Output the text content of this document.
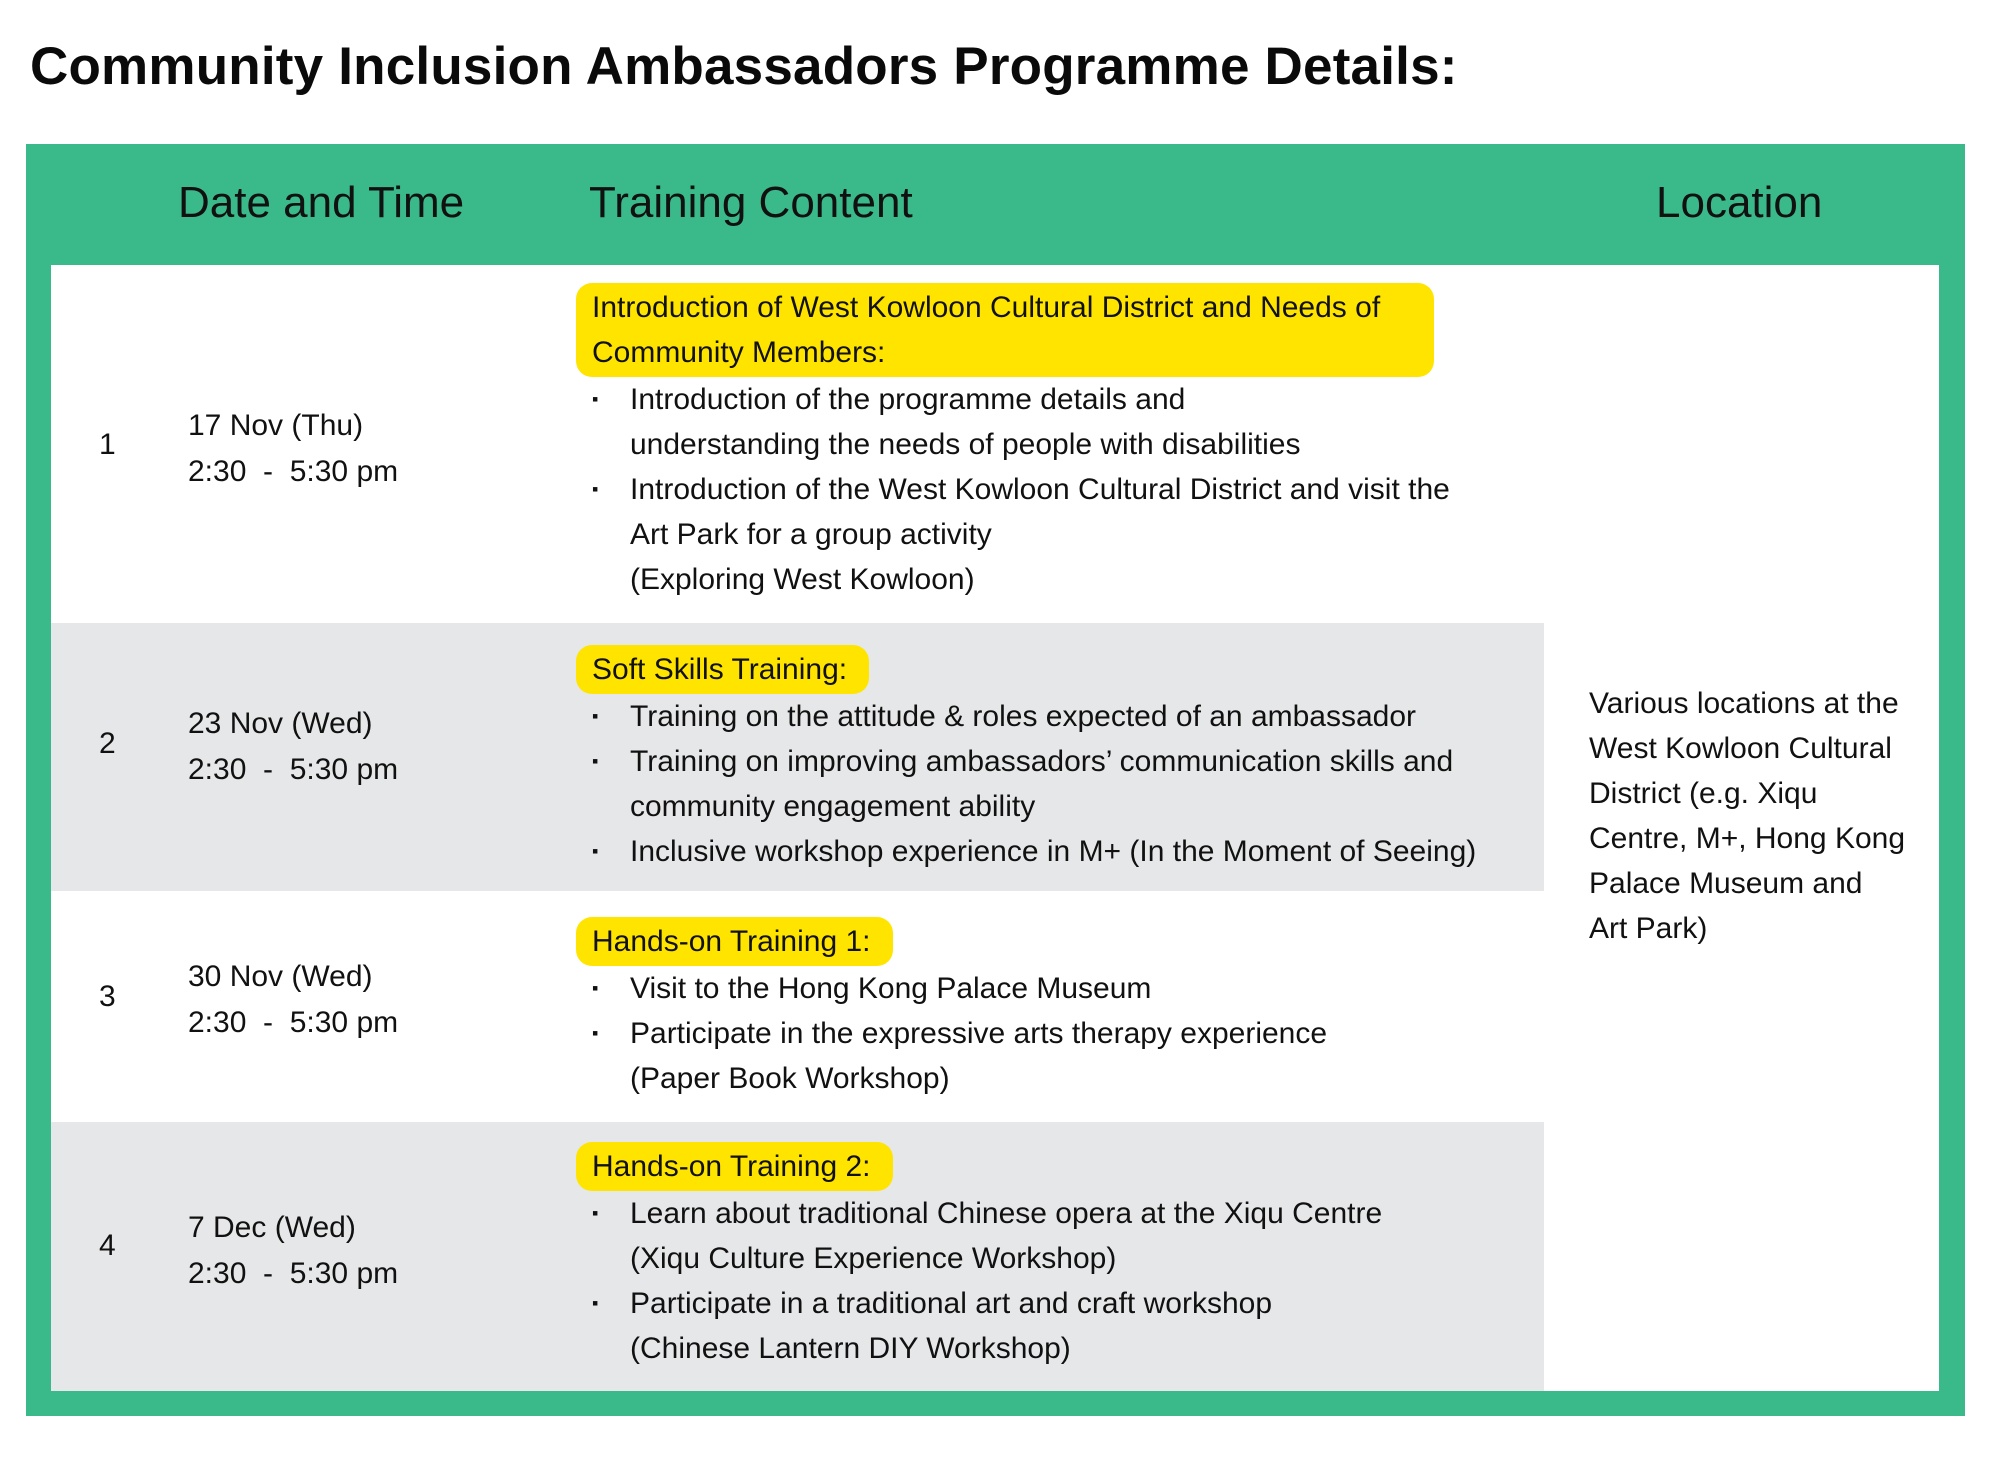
Community Inclusion Ambassadors Programme Details:
Date and Time	Training Content	Location
1
17 Nov (Thu)
2:30  -  5:30 pm
Introduction of West Kowloon Cultural District and Needs of Community Members:
▪ Introduction of the programme details and
understanding the needs of people with disabilities
▪ Introduction of the West Kowloon Cultural District and visit the
Art Park for a group activity
(Exploring West Kowloon)
2
23 Nov (Wed)
2:30  -  5:30 pm
Soft Skills Training:
▪ Training on the attitude & roles expected of an ambassador
▪ Training on improving ambassadors’ communication skills and
community engagement ability
▪ Inclusive workshop experience in M+ (In the Moment of Seeing)
3
30 Nov (Wed)
2:30  -  5:30 pm
Hands-on Training 1:
▪ Visit to the Hong Kong Palace Museum
▪ Participate in the expressive arts therapy experience
(Paper Book Workshop)
4
7 Dec (Wed)
2:30  -  5:30 pm
Hands-on Training 2:
▪ Learn about traditional Chinese opera at the Xiqu Centre
(Xiqu Culture Experience Workshop)
▪ Participate in a traditional art and craft workshop
(Chinese Lantern DIY Workshop)
Various locations at the
West Kowloon Cultural
District (e.g. Xiqu
Centre, M+, Hong Kong
Palace Museum and
Art Park)
